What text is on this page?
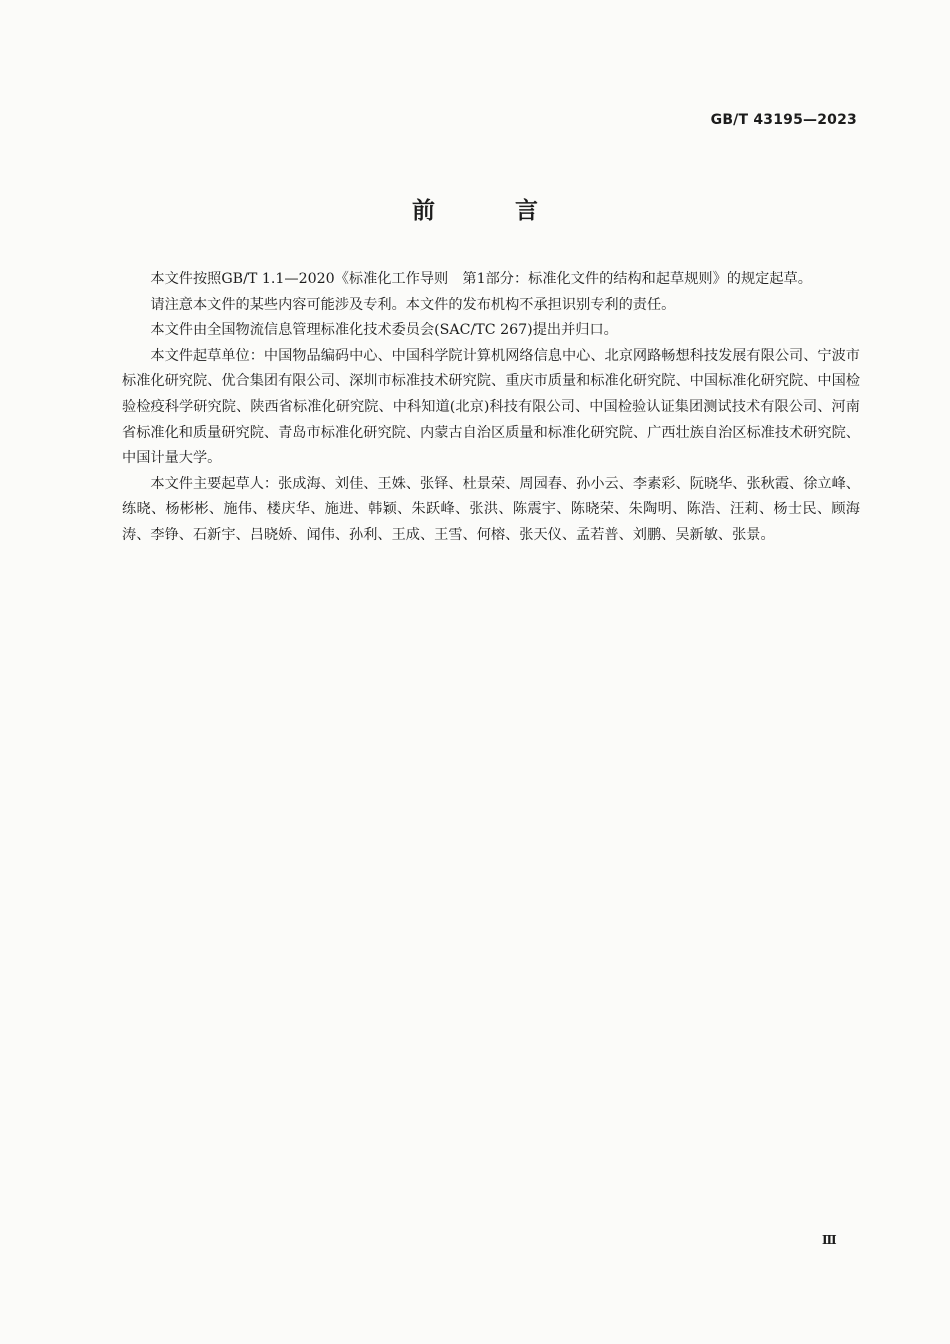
GB/T 43195—2023
前 言

本文件按照GB/T 1.1—2020《标准化工作导则　第1部分：标准化文件的结构和起草规则》的规定起草。

请注意本文件的某些内容可能涉及专利。本文件的发布机构不承担识别专利的责任。

本文件由全国物流信息管理标准化技术委员会(SAC/TC 267)提出并归口。

本文件起草单位：中国物品编码中心、中国科学院计算机网络信息中心、北京网路畅想科技发展有限公司、宁波市标准化研究院、优合集团有限公司、深圳市标准技术研究院、重庆市质量和标准化研究院、中国标准化研究院、中国检验检疫科学研究院、陕西省标准化研究院、中科知道(北京)科技有限公司、中国检验认证集团测试技术有限公司、河南省标准化和质量研究院、青岛市标准化研究院、内蒙古自治区质量和标准化研究院、广西壮族自治区标准技术研究院、中国计量大学。

本文件主要起草人：张成海、刘佳、王姝、张铎、杜景荣、周园春、孙小云、李素彩、阮晓华、张秋霞、徐立峰、练晓、杨彬彬、施伟、楼庆华、施进、韩颖、朱跃峰、张洪、陈震宇、陈晓荣、朱陶明、陈浩、汪莉、杨士民、顾海涛、李铮、石新宇、吕晓娇、闻伟、孙利、王成、王雪、何榕、张天仪、孟若普、刘鹏、吴新敏、张景。

Ⅲ
